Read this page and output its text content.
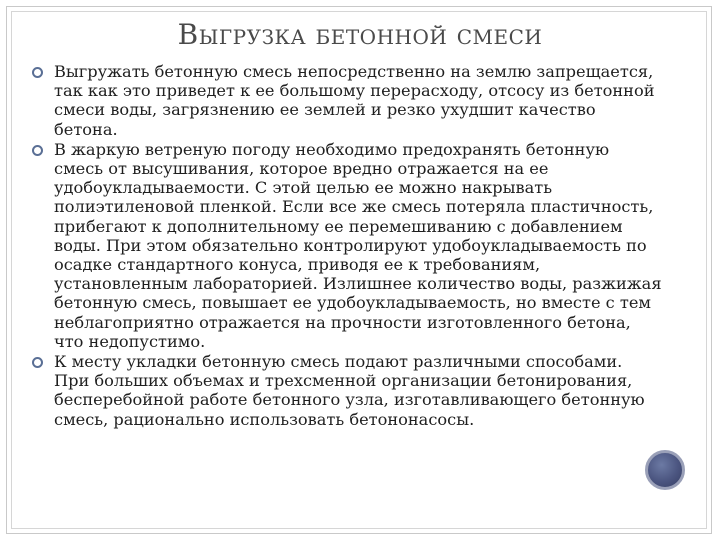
Выгрузка бетонной смеси
Выгружать бетонную смесь непосредственно на землю запрещается, так как это приведет к ее большому перерасходу, отсосу из бетонной смеси воды, загрязнению ее землей и резко ухудшит качество бетона.
В жаркую ветреную погоду необходимо предохранять бетонную смесь от высушивания, которое вредно отражается на ее удобоукладываемости. С этой целью ее можно накрывать полиэтиленовой пленкой. Если все же смесь потеряла пластичность, прибегают к дополнительному ее перемешиванию с добавлением воды. При этом обязательно контролируют удобоукладываемость по осадке стандартного конуса, приводя ее к требованиям, установленным лабораторией. Излишнее количество воды, разжижая бетонную смесь, повышает ее удобоукладываемость, но вместе с тем неблагоприятно отражается на прочности изготовленного бетона, что недопустимо.
К месту укладки бетонную смесь подают различными способами. При больших объемах и трехсменной организации бетонирования, бесперебойной работе бетонного узла, изготавливающего бетонную смесь, рационально использовать бетононасосы.
